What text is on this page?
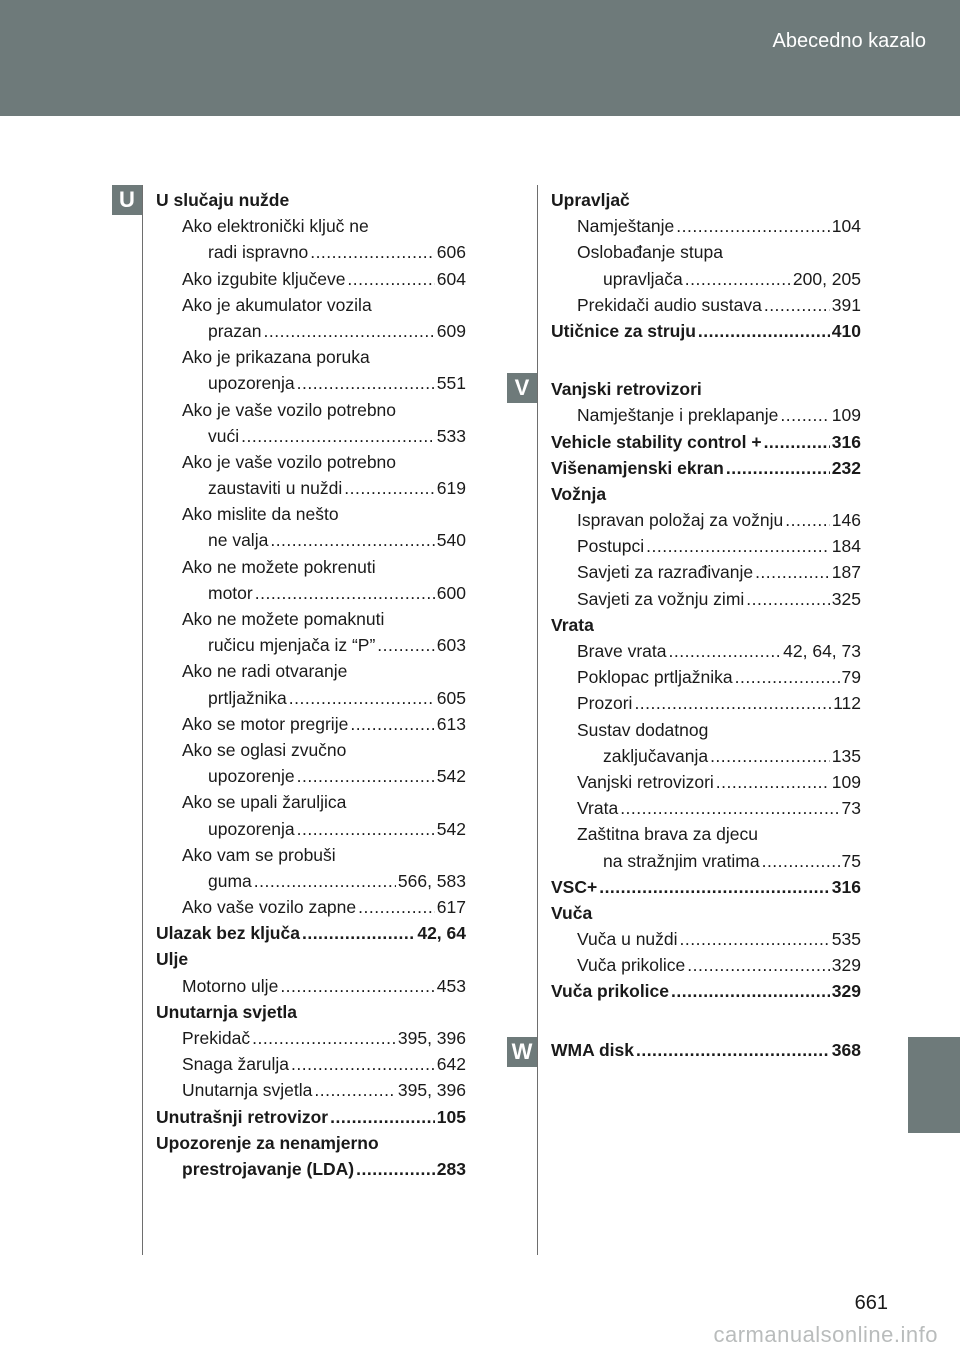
Abecedno kazalo
U
V
W
U slučaju nužde
Ako elektronički ključ ne
radi ispravno .....	606
Ako izgubite ključeve .....	604
Ako je akumulator vozila
prazan .....	609
Ako je prikazana poruka
upozorenja .....	551
Ako je vaše vozilo potrebno
vući .....	533
Ako je vaše vozilo potrebno
zaustaviti u nuždi .....	619
Ako mislite da nešto
ne valja .....	540
Ako ne možete pokrenuti
motor .....	600
Ako ne možete pomaknuti
ručicu mjenjača iz “P” .....	603
Ako ne radi otvaranje
prtljažnika .....	605
Ako se motor pregrije .....	613
Ako se oglasi zvučno
upozorenje .....	542
Ako se upali žaruljica
upozorenja .....	542
Ako vam se probuši
guma .....	566, 583
Ako vaše vozilo zapne .....	617
Ulazak bez ključa .....	42, 64
Ulje
Motorno ulje .....	453
Unutarnja svjetla
Prekidač .....	395, 396
Snaga žarulja .....	642
Unutarnja svjetla .....	395, 396
Unutrašnji retrovizor .....	105
Upozorenje za nenamjerno
prestrojavanje (LDA) .....	283
Upravljač
Namještanje .....	104
Oslobađanje stupa
upravljača .....	200, 205
Prekidači audio sustava .....	391
Utičnice za struju .....	410
Vanjski retrovizori
Namještanje i preklapanje .....	109
Vehicle stability control + .....	316
Višenamjenski ekran .....	232
Vožnja
Ispravan položaj za vožnju .....	146
Postupci .....	184
Savjeti za razrađivanje .....	187
Savjeti za vožnju zimi .....	325
Vrata
Brave vrata .....	42, 64, 73
Poklopac prtljažnika .....	79
Prozori .....	112
Sustav dodatnog
zaključavanja .....	135
Vanjski retrovizori .....	109
Vrata .....	73
Zaštitna brava za djecu
na stražnjim vratima .....	75
VSC+ .....	316
Vuča
Vuča u nuždi .....	535
Vuča prikolice .....	329
Vuča prikolice .....	329
WMA disk .....	368
661
carmanualsonline.info
